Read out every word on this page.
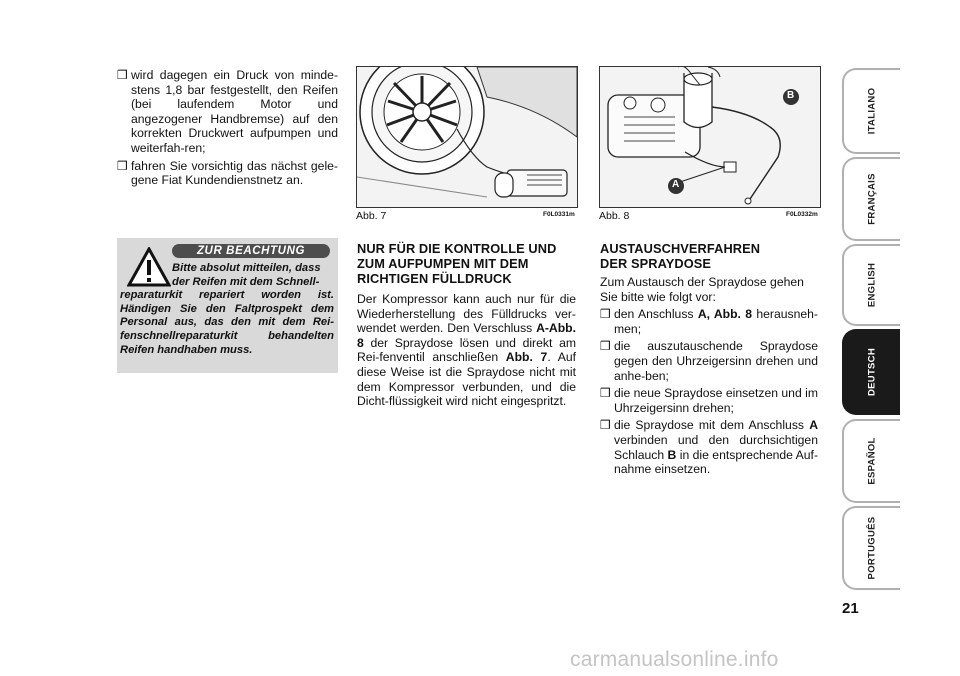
❒ wird dagegen ein Druck von minde-stens 1,8 bar festgestellt, den Reifen (bei laufendem Motor und angezogener Handbremse) auf den korrekten Druckwert aufpumpen und weiterfah-ren;
❒ fahren Sie vorsichtig das nächst gele-gene Fiat Kundendienstnetz an.
ZUR BEACHTUNG
Bitte absolut mitteilen, dass
der Reifen mit dem Schnell-
reparaturkit repariert worden ist. Händigen Sie den Faltprospekt dem Personal aus, das den mit dem Rei-fenschnellreparaturkit behandelten Reifen handhaben muss.
Abb. 7	F0L0331m
A
B
Abb. 8	F0L0332m
NUR FÜR DIE KONTROLLE UND ZUM AUFPUMPEN MIT DEM RICHTIGEN FÜLLDRUCK

Der Kompressor kann auch nur für die Wiederherstellung des Fülldrucks ver-wendet werden. Den Verschluss A-Abb. 8 der Spraydose lösen und direkt am Rei-fenventil anschließen Abb. 7. Auf diese Weise ist die Spraydose nicht mit dem Kompressor verbunden, und die Dicht-flüssigkeit wird nicht eingespritzt.

AUSTAUSCHVERFAHREN
DER SPRAYDOSE

Zum Austausch der Spraydose gehen Sie bitte wie folgt vor:

❒ den Anschluss A, Abb. 8 herausneh-men;
❒ die auszutauschende Spraydose gegen den Uhrzeigersinn drehen und anhe-ben;
❒ die neue Spraydose einsetzen und im Uhrzeigersinn drehen;
❒ die Spraydose mit dem Anschluss A verbinden und den durchsichtigen Schlauch B in die entsprechende Auf-nahme einsetzen.
ITALIANO
FRANÇAIS
ENGLISH
DEUTSCH
ESPAÑOL
PORTUGUÊS
21
carmanualsonline.info
